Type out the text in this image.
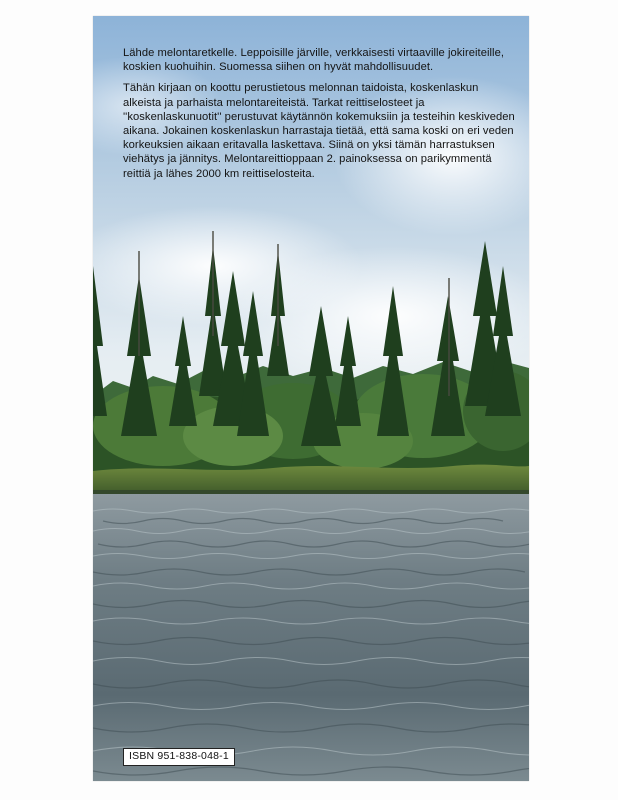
Lähde melontaretkelle. Leppoisille järville, verkkaisesti virtaaville jokireiteille, koskien kuohuihin. Suomessa siihen on hyvät mahdollisuudet.

Tähän kirjaan on koottu perustietous melonnan taidoista, koskenlaskun alkeista ja parhaista melontareiteistä. Tarkat reittiselosteet ja ''koskenlaskunuotit'' perustuvat käytännön kokemuksiin ja testeihin keskiveden aikana. Jokainen koskenlaskun harrastaja tietää, että sama koski on eri veden korkeuksien aikaan eritavalla laskettava. Siinä on yksi tämän harrastuksen viehätys ja jännitys. Melontareittioppaan 2. painoksessa on parikymmentä reittiä ja lähes 2000 km reittiselosteita.

ISBN 951-838-048-1
